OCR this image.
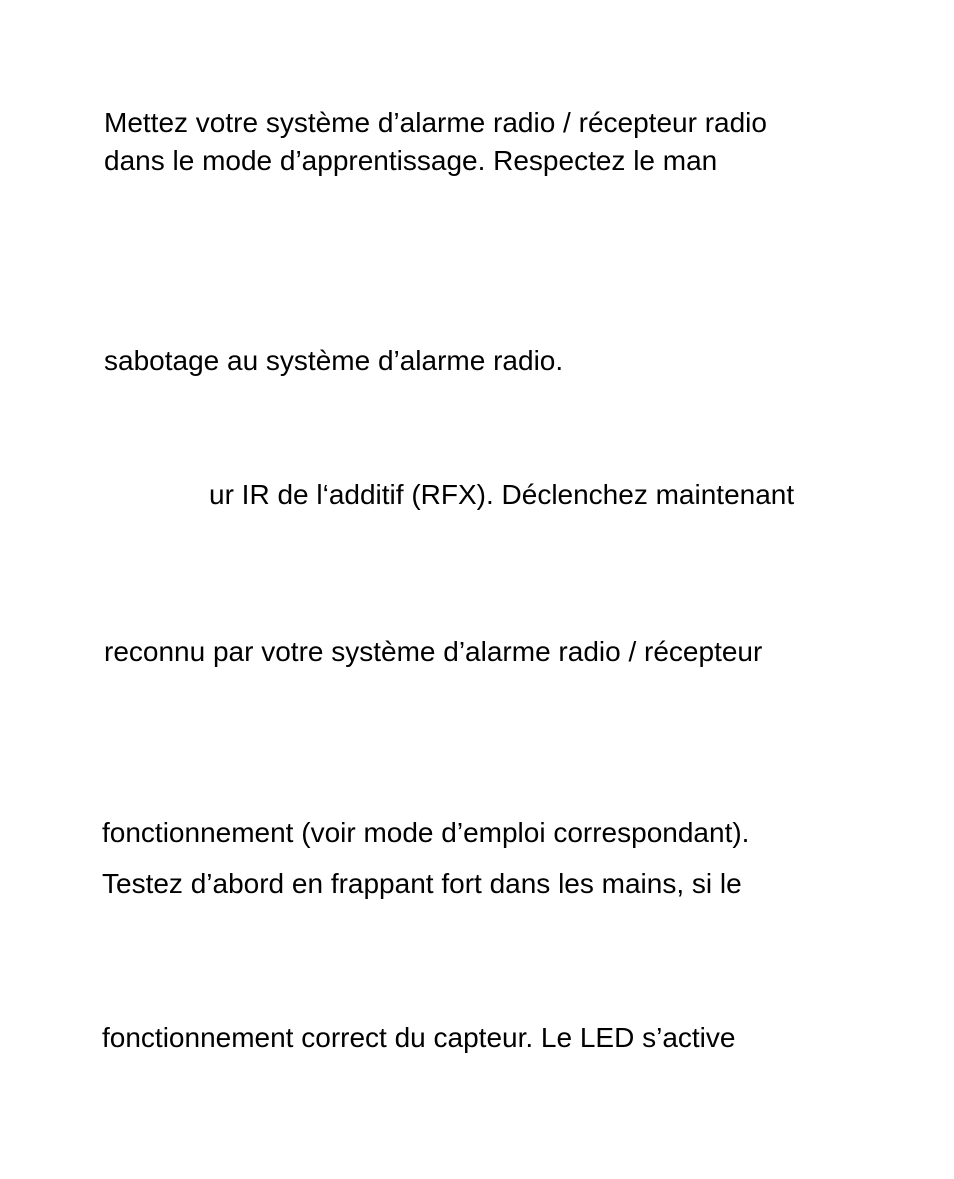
Mettez votre système d’alarme radio / récepteur radio
dans le mode d’apprentissage. Respectez le man
sabotage au système d’alarme radio.
ur IR de l‘additif (RFX). Déclenchez maintenant
reconnu par votre système d’alarme radio / récepteur
fonctionnement (voir mode d’emploi correspondant).
Testez d’abord en frappant fort dans les mains, si le
fonctionnement correct du capteur. Le LED s’active
